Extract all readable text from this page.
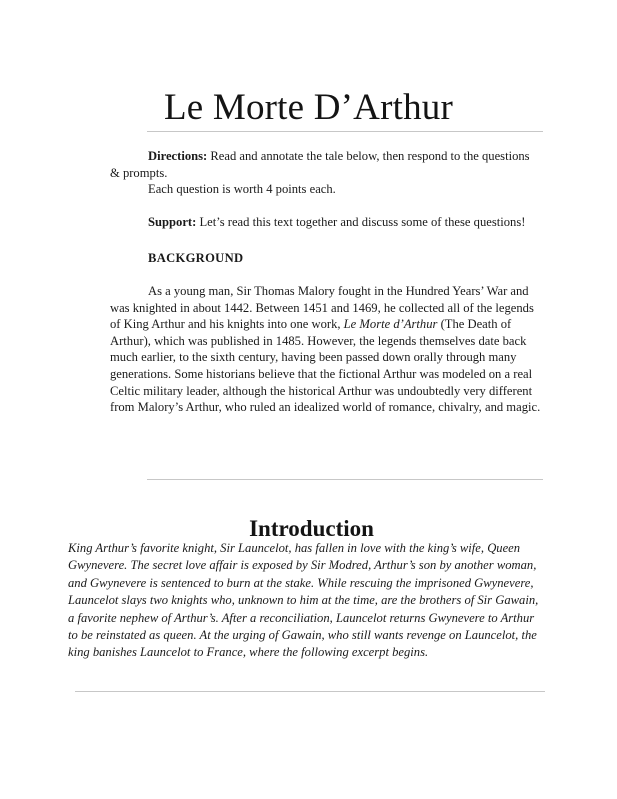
Le Morte D’Arthur

Directions: Read and annotate the tale below, then respond to the questions & prompts.

Each question is worth 4 points each.

Support: Let’s read this text together and discuss some of these questions!

BACKGROUND

As a young man, Sir Thomas Malory fought in the Hundred Years’ War and was knighted in about 1442. Between 1451 and 1469, he collected all of the legends of King Arthur and his knights into one work, Le Morte d’Arthur (The Death of Arthur), which was published in 1485. However, the legends themselves date back much earlier, to the sixth century, having been passed down orally through many generations. Some historians believe that the fictional Arthur was modeled on a real Celtic military leader, although the historical Arthur was undoubtedly very different from Malory’s Arthur, who ruled an idealized world of romance, chivalry, and magic.

Introduction

King Arthur’s favorite knight, Sir Launcelot, has fallen in love with the king’s wife, Queen Gwynevere. The secret love affair is exposed by Sir Modred, Arthur’s son by another woman, and Gwynevere is sentenced to burn at the stake. While rescuing the imprisoned Gwynevere, Launcelot slays two knights who, unknown to him at the time, are the brothers of Sir Gawain, a favorite nephew of Arthur’s. After a reconciliation, Launcelot returns Gwynevere to Arthur to be reinstated as queen. At the urging of Gawain, who still wants revenge on Launcelot, the king banishes Launcelot to France, where the following excerpt begins.
